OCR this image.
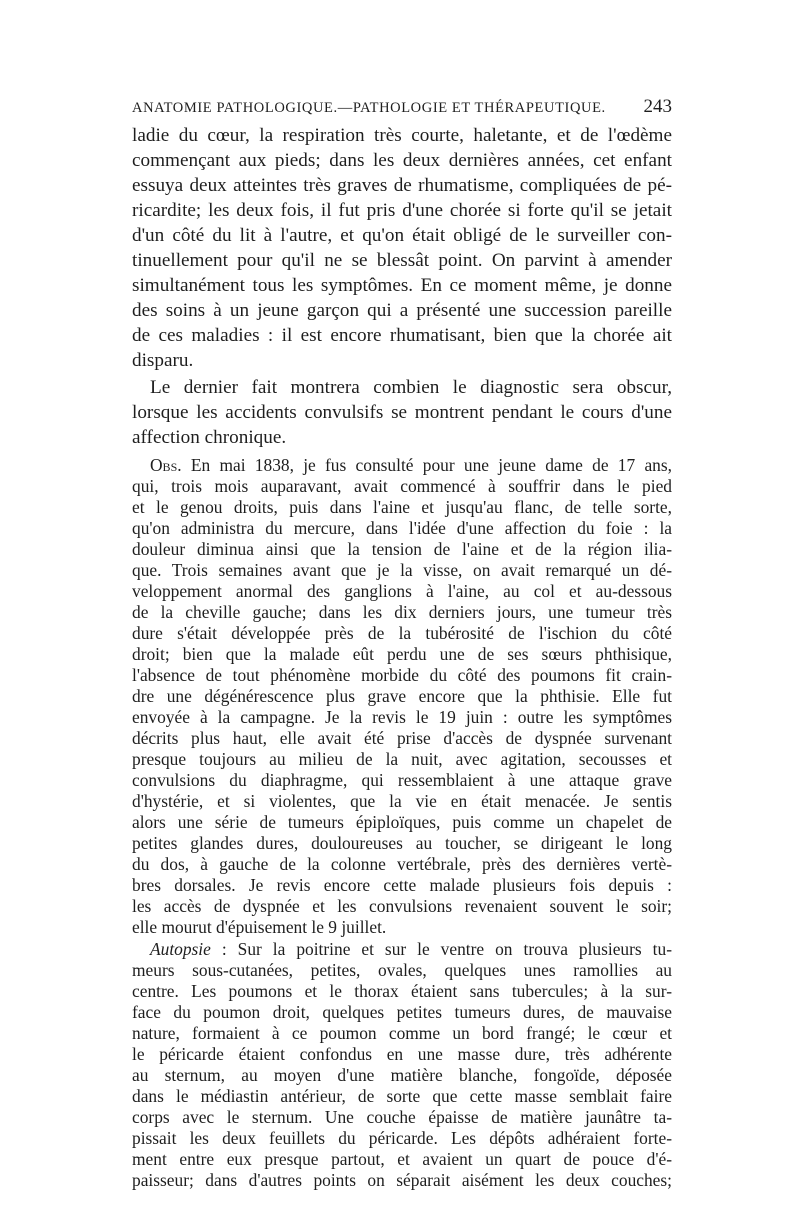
ANATOMIE PATHOLOGIQUE.—PATHOLOGIE ET THÉRAPEUTIQUE. 243
ladie du cœur, la respiration très courte, haletante, et de l'œdème
commençant aux pieds; dans les deux dernières années, cet enfant
essuya deux atteintes très graves de rhumatisme, compliquées de pé-
ricardite; les deux fois, il fut pris d'une chorée si forte qu'il se jetait
d'un côté du lit à l'autre, et qu'on était obligé de le surveiller con-
tinuellement pour qu'il ne se blessât point. On parvint à amender
simultanément tous les symptômes. En ce moment même, je donne
des soins à un jeune garçon qui a présenté une succession pareille
de ces maladies : il est encore rhumatisant, bien que la chorée ait
disparu.
Le dernier fait montrera combien le diagnostic sera obscur,
lorsque les accidents convulsifs se montrent pendant le cours d'une
affection chronique.
Obs. En mai 1838, je fus consulté pour une jeune dame de 17 ans,
qui, trois mois auparavant, avait commencé à souffrir dans le pied
et le genou droits, puis dans l'aine et jusqu'au flanc, de telle sorte,
qu'on administra du mercure, dans l'idée d'une affection du foie : la
douleur diminua ainsi que la tension de l'aine et de la région ilia-
que. Trois semaines avant que je la visse, on avait remarqué un dé-
veloppement anormal des ganglions à l'aine, au col et au-dessous
de la cheville gauche; dans les dix derniers jours, une tumeur très
dure s'était développée près de la tubérosité de l'ischion du côté
droit; bien que la malade eût perdu une de ses sœurs phthisique,
l'absence de tout phénomène morbide du côté des poumons fit crain-
dre une dégénérescence plus grave encore que la phthisie. Elle fut
envoyée à la campagne. Je la revis le 19 juin : outre les symptômes
décrits plus haut, elle avait été prise d'accès de dyspnée survenant
presque toujours au milieu de la nuit, avec agitation, secousses et
convulsions du diaphragme, qui ressemblaient à une attaque grave
d'hystérie, et si violentes, que la vie en était menacée. Je sentis
alors une série de tumeurs épiploïques, puis comme un chapelet de
petites glandes dures, douloureuses au toucher, se dirigeant le long
du dos, à gauche de la colonne vertébrale, près des dernières vertè-
bres dorsales. Je revis encore cette malade plusieurs fois depuis :
les accès de dyspnée et les convulsions revenaient souvent le soir;
elle mourut d'épuisement le 9 juillet.
Autopsie : Sur la poitrine et sur le ventre on trouva plusieurs tu-
meurs sous-cutanées, petites, ovales, quelques unes ramollies au
centre. Les poumons et le thorax étaient sans tubercules; à la sur-
face du poumon droit, quelques petites tumeurs dures, de mauvaise
nature, formaient à ce poumon comme un bord frangé; le cœur et
le péricarde étaient confondus en une masse dure, très adhérente
au sternum, au moyen d'une matière blanche, fongoïde, déposée
dans le médiastin antérieur, de sorte que cette masse semblait faire
corps avec le sternum. Une couche épaisse de matière jaunâtre ta-
pissait les deux feuillets du péricarde. Les dépôts adhéraient forte-
ment entre eux presque partout, et avaient un quart de pouce d'é-
paisseur; dans d'autres points on séparait aisément les deux couches;
